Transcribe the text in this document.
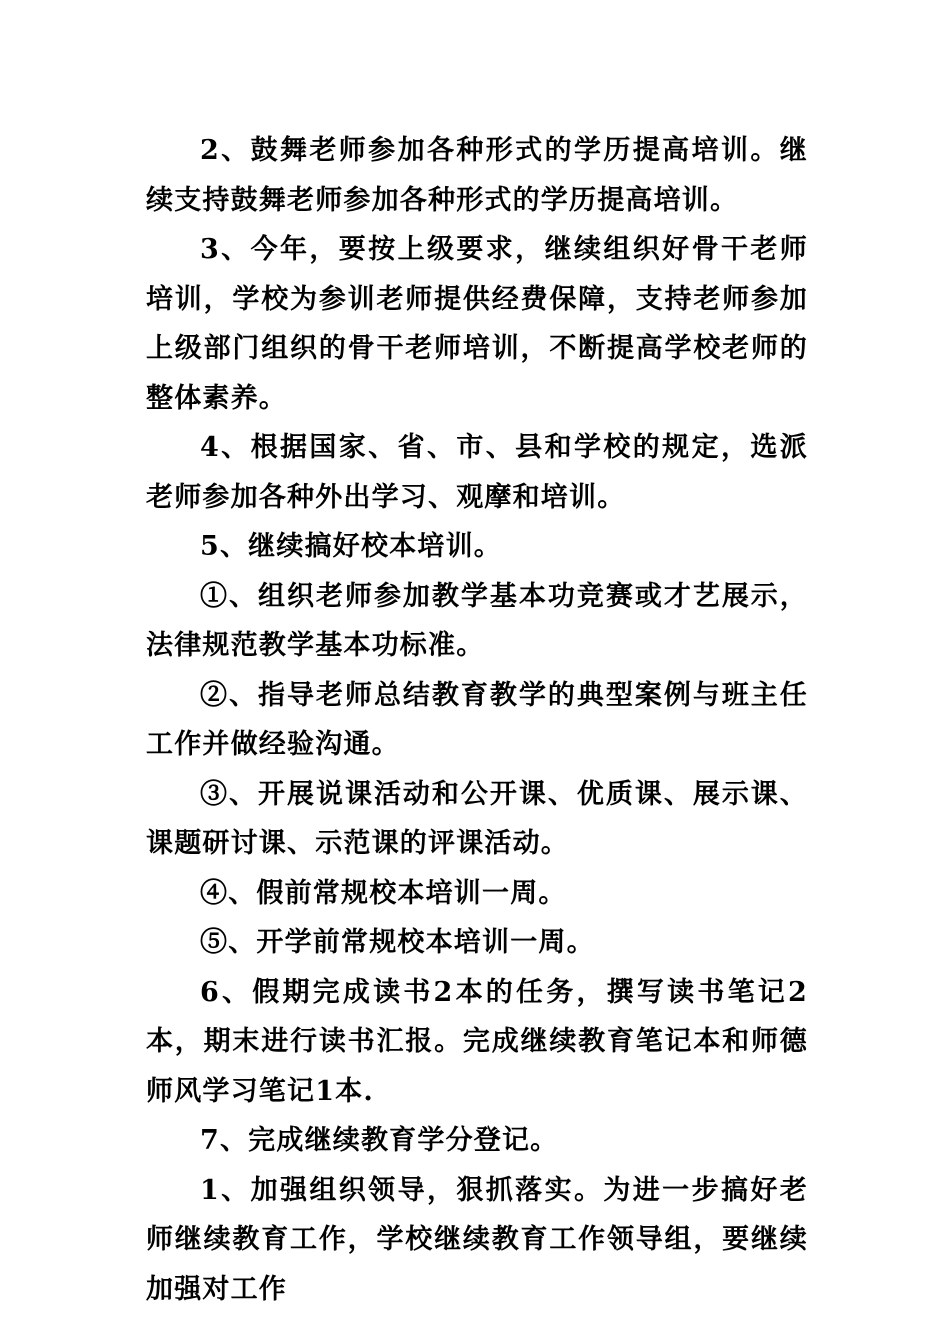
2、鼓舞老师参加各种形式的学历提高培训。继续支持鼓舞老师参加各种形式的学历提高培训。

3、今年，要按上级要求，继续组织好骨干老师培训，学校为参训老师提供经费保障，支持老师参加上级部门组织的骨干老师培训，不断提高学校老师的整体素养。

4、根据国家、省、市、县和学校的规定，选派老师参加各种外出学习、观摩和培训。

5、继续搞好校本培训。

①、组织老师参加教学基本功竞赛或才艺展示，法律规范教学基本功标准。

②、指导老师总结教育教学的典型案例与班主任工作并做经验沟通。

③、开展说课活动和公开课、优质课、展示课、课题研讨课、示范课的评课活动。

④、假前常规校本培训一周。

⑤、开学前常规校本培训一周。

6、假期完成读书2本的任务，撰写读书笔记2本，期末进行读书汇报。完成继续教育笔记本和师德师风学习笔记1本.

7、完成继续教育学分登记。

1、加强组织领导，狠抓落实。为进一步搞好老师继续教育工作，学校继续教育工作领导组，要继续加强对工作
